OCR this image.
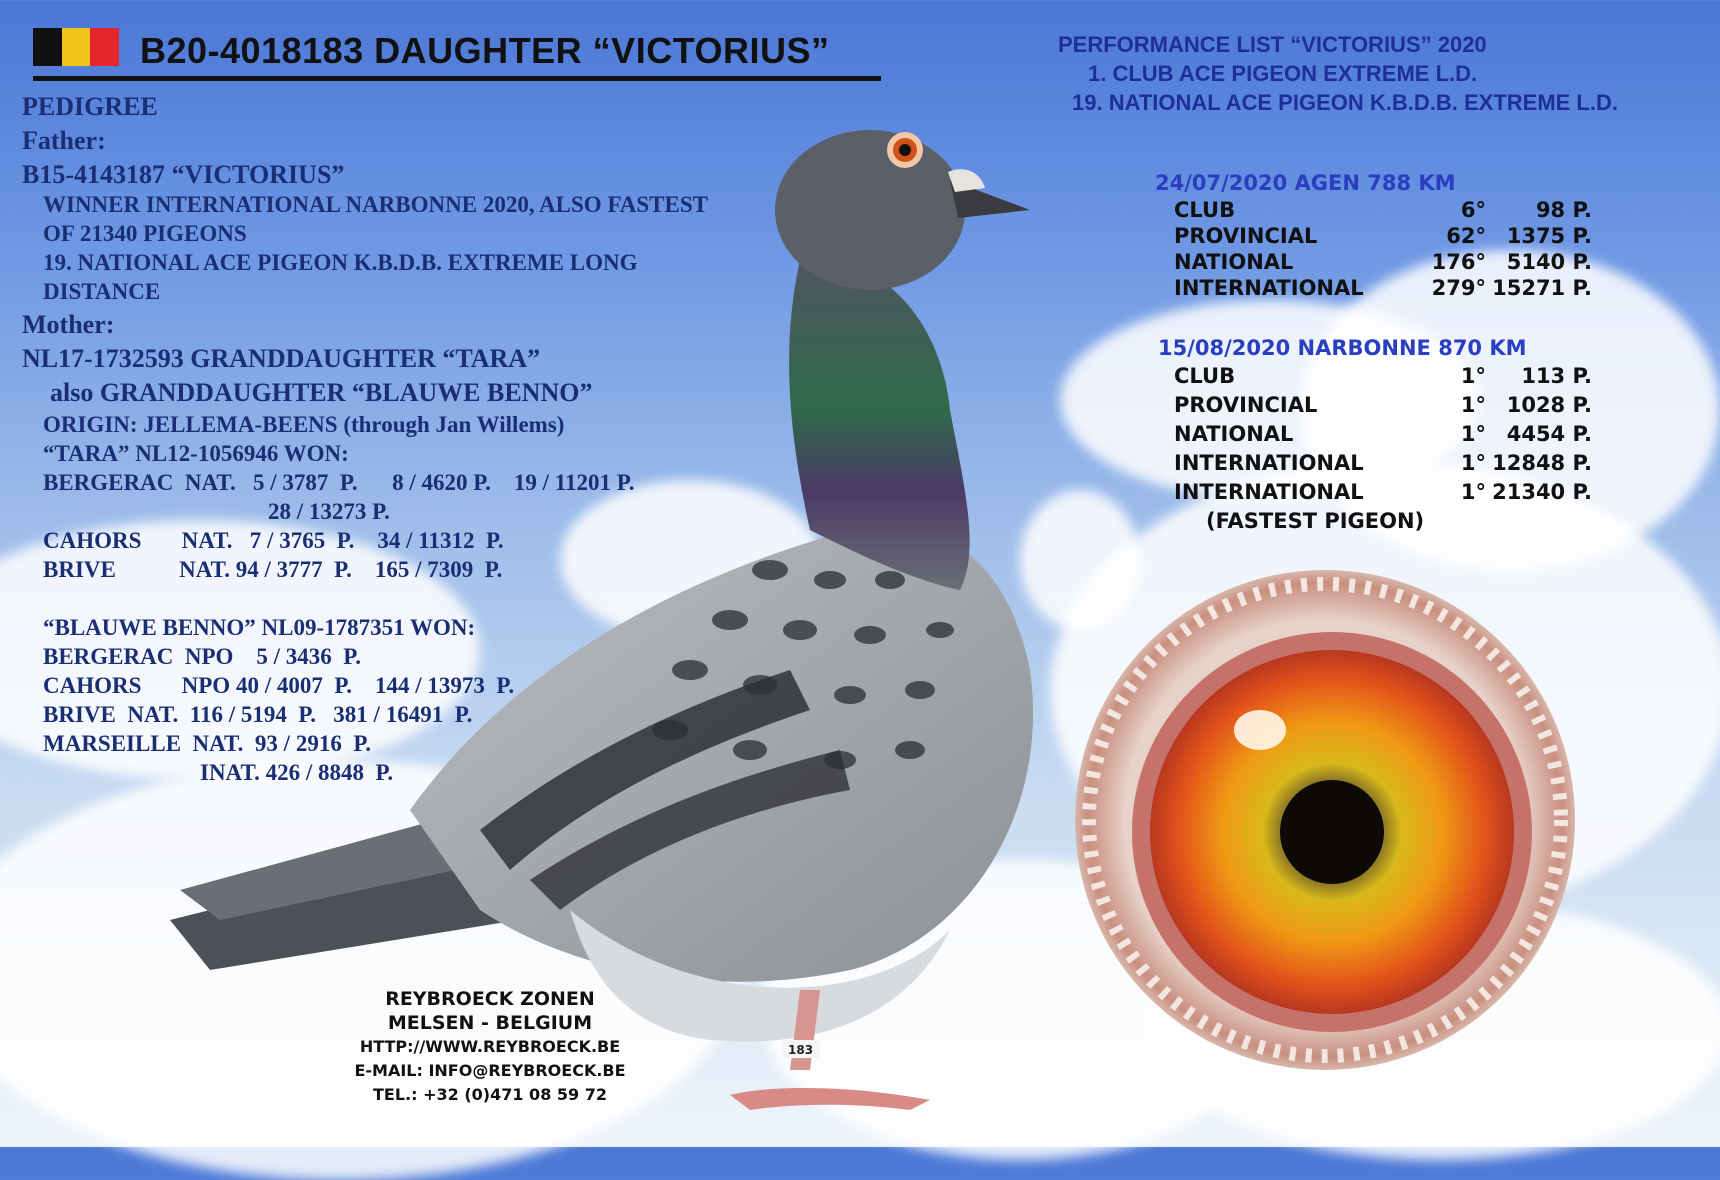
B20-4018183 DAUGHTER “VICTORIUS”
PEDIGREE
Father:
B15-4143187 “VICTORIUS”
WINNER INTERNATIONAL NARBONNE 2020, ALSO FASTEST
OF 21340 PIGEONS
19. NATIONAL ACE PIGEON K.B.D.B. EXTREME LONG
DISTANCE
Mother:
NL17-1732593 GRANDDAUGHTER “TARA”
also GRANDDAUGHTER “BLAUWE BENNO”
ORIGIN: JELLEMA-BEENS (through Jan Willems)
“TARA” NL12-1056946 WON:
BERGERAC  NAT.   5 / 3787  P.      8 / 4620 P.    19 / 11201 P.
28 / 13273 P.
CAHORS       NAT.   7 / 3765  P.    34 / 11312  P.
BRIVE           NAT. 94 / 3777  P.    165 / 7309  P.
“BLAUWE BENNO” NL09-1787351 WON:
BERGERAC  NPO    5 / 3436  P.
CAHORS       NPO 40 / 4007  P.    144 / 13973  P.
BRIVE  NAT.  116 / 5194  P.   381 / 16491  P.
MARSEILLE  NAT.  93 / 2916  P.
INAT. 426 / 8848  P.
183
PERFORMANCE LIST “VICTORIUS” 2020
1. CLUB ACE PIGEON EXTREME L.D.
19. NATIONAL ACE PIGEON K.B.D.B. EXTREME L.D.
24/07/2020 AGEN 788 KM
CLUB	6° 98 P.
PROVINCIAL	62° 1375 P.
NATIONAL	176° 5140 P.
INTERNATIONAL	279° 15271 P.
15/08/2020 NARBONNE 870 KM
CLUB	1° 113 P.
PROVINCIAL	1° 1028 P.
NATIONAL	1° 4454 P.
INTERNATIONAL	1° 12848 P.
INTERNATIONAL	1° 21340 P.
(FASTEST PIGEON)
REYBROECK ZONEN
MELSEN - BELGIUM
HTTP://WWW.REYBROECK.BE
E-MAIL: INFO@REYBROECK.BE
TEL.: +32 (0)471 08 59 72
